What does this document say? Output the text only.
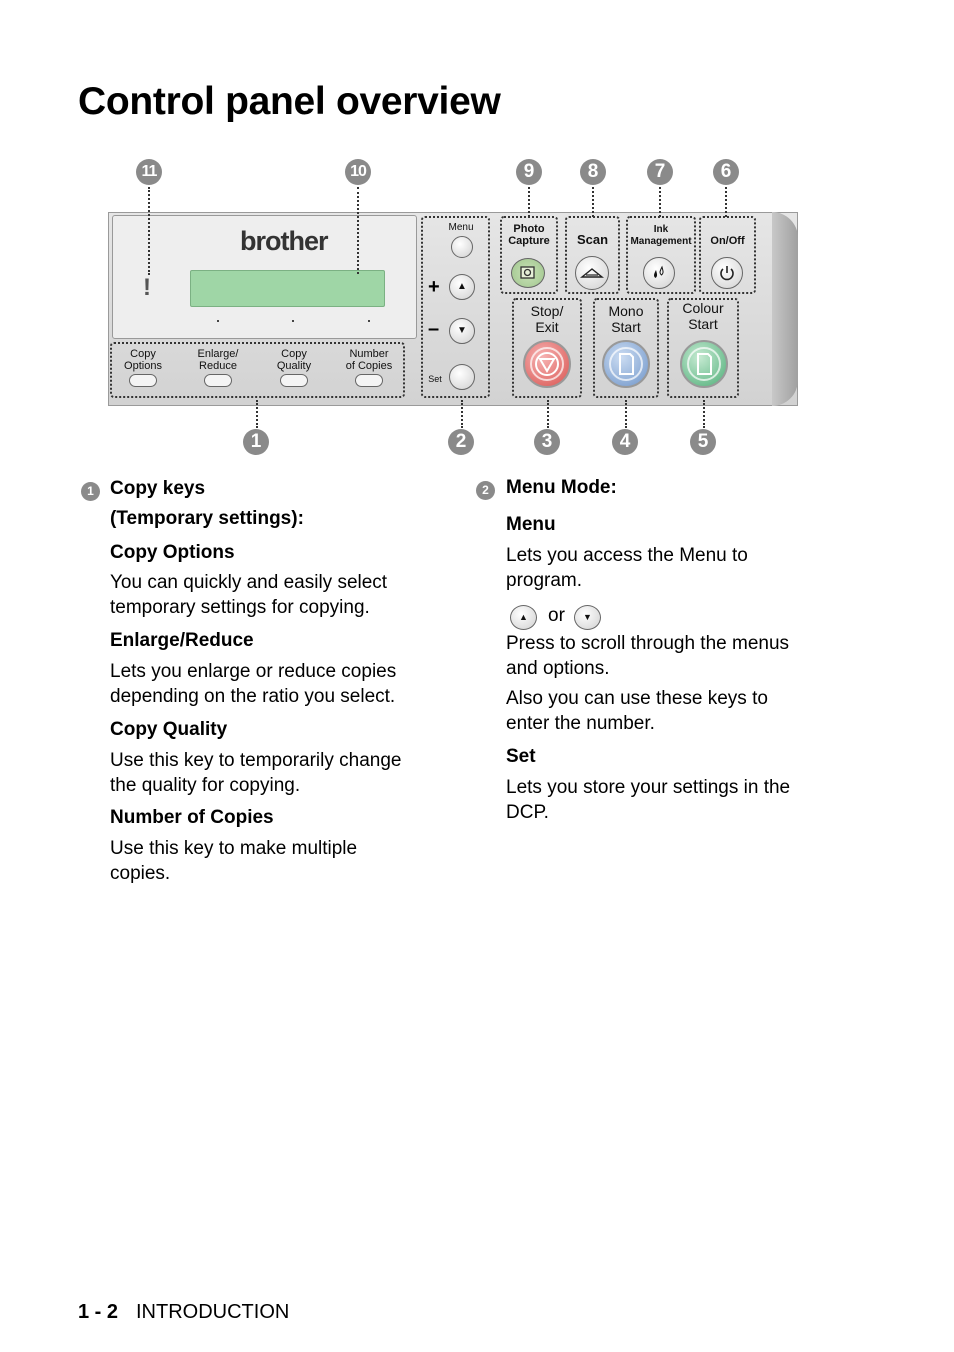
Control panel overview
11	10	9	8	7	6
brother
!
Copy
Options
Enlarge/
Reduce
Copy
Quality
Number
of Copies
Menu
+	▲
–	▼
Set
Photo
Capture	Scan
Ink
Management	On/Off
Stop/
Exit
Mono
Start
Colour
Start
1	2	3	4	5
1 Copy keys
(Temporary settings):
Copy Options
You can quickly and easily select
temporary settings for copying.
Enlarge/Reduce
Lets you enlarge or reduce copies
depending on the ratio you select.
Copy Quality
Use this key to temporarily change
the quality for copying.
Number of Copies
Use this key to make multiple
copies.
2 Menu Mode:
Menu
Lets you access the Menu to
program.
▲	or	▼
Press to scroll through the menus
and options.
Also you can use these keys to
enter the number.
Set
Lets you store your settings in the
DCP.
1 - 2 INTRODUCTION
